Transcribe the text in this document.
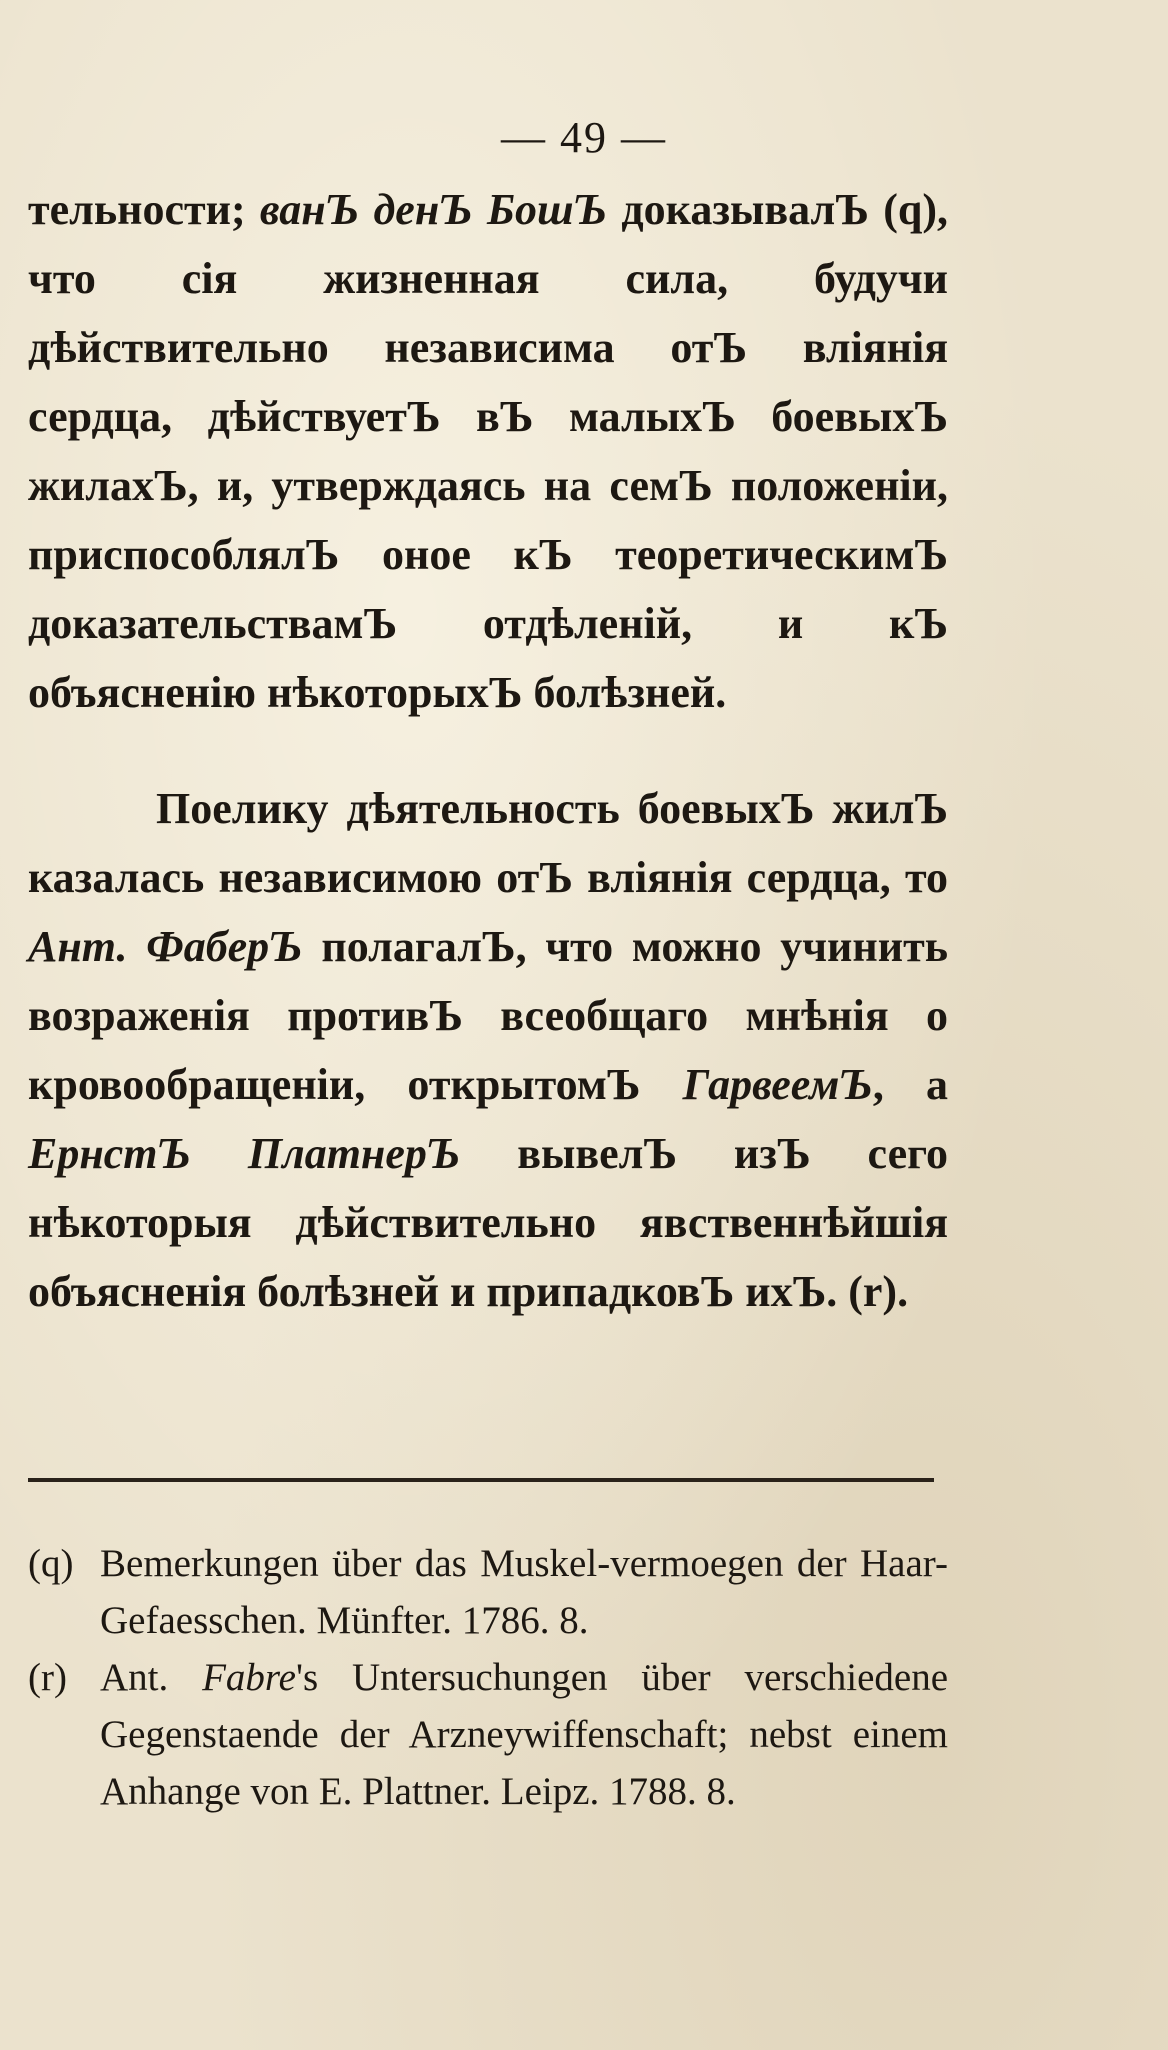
— 49 —

тельности; ванЪ денЪ БошЪ доказывалЪ (q), что сія жизненная сила, будучи дѣйствительно независима отЪ вліянія сердца, дѣйствуетЪ вЪ малыхЪ боевыхЪ жилахЪ, и, утверждаясь на семЪ положеніи, приспособлялЪ оное кЪ теоретическимЪ доказательствамЪ отдѣленій, и кЪ объясненію нѣкоторыхЪ болѣзней.

Поелику дѣятельность боевыхЪ жилЪ казалась независимою отЪ вліянія сердца, то Ант. ФаберЪ полагалЪ, что можно учинить возраженія противЪ всеобщаго мнѣнія о кровообращеніи, открытомЪ ГарвеемЪ, а ЕрнстЪ ПлатнерЪ вывелЪ изЪ сего нѣкоторыя дѣйствительно явственнѣйшія объясненія болѣзней и припадковЪ ихЪ. (r).

(q) Bemerkungen über das Muskel-vermoegen der Haar-Gefaesschen. Münfter. 1786. 8.
(r) Ant. Fabre's Untersuchungen über verschiedene Gegenstaende der Arzneywiffenschaft; nebst einem Anhange von E. Plattner. Leipz. 1788. 8.
